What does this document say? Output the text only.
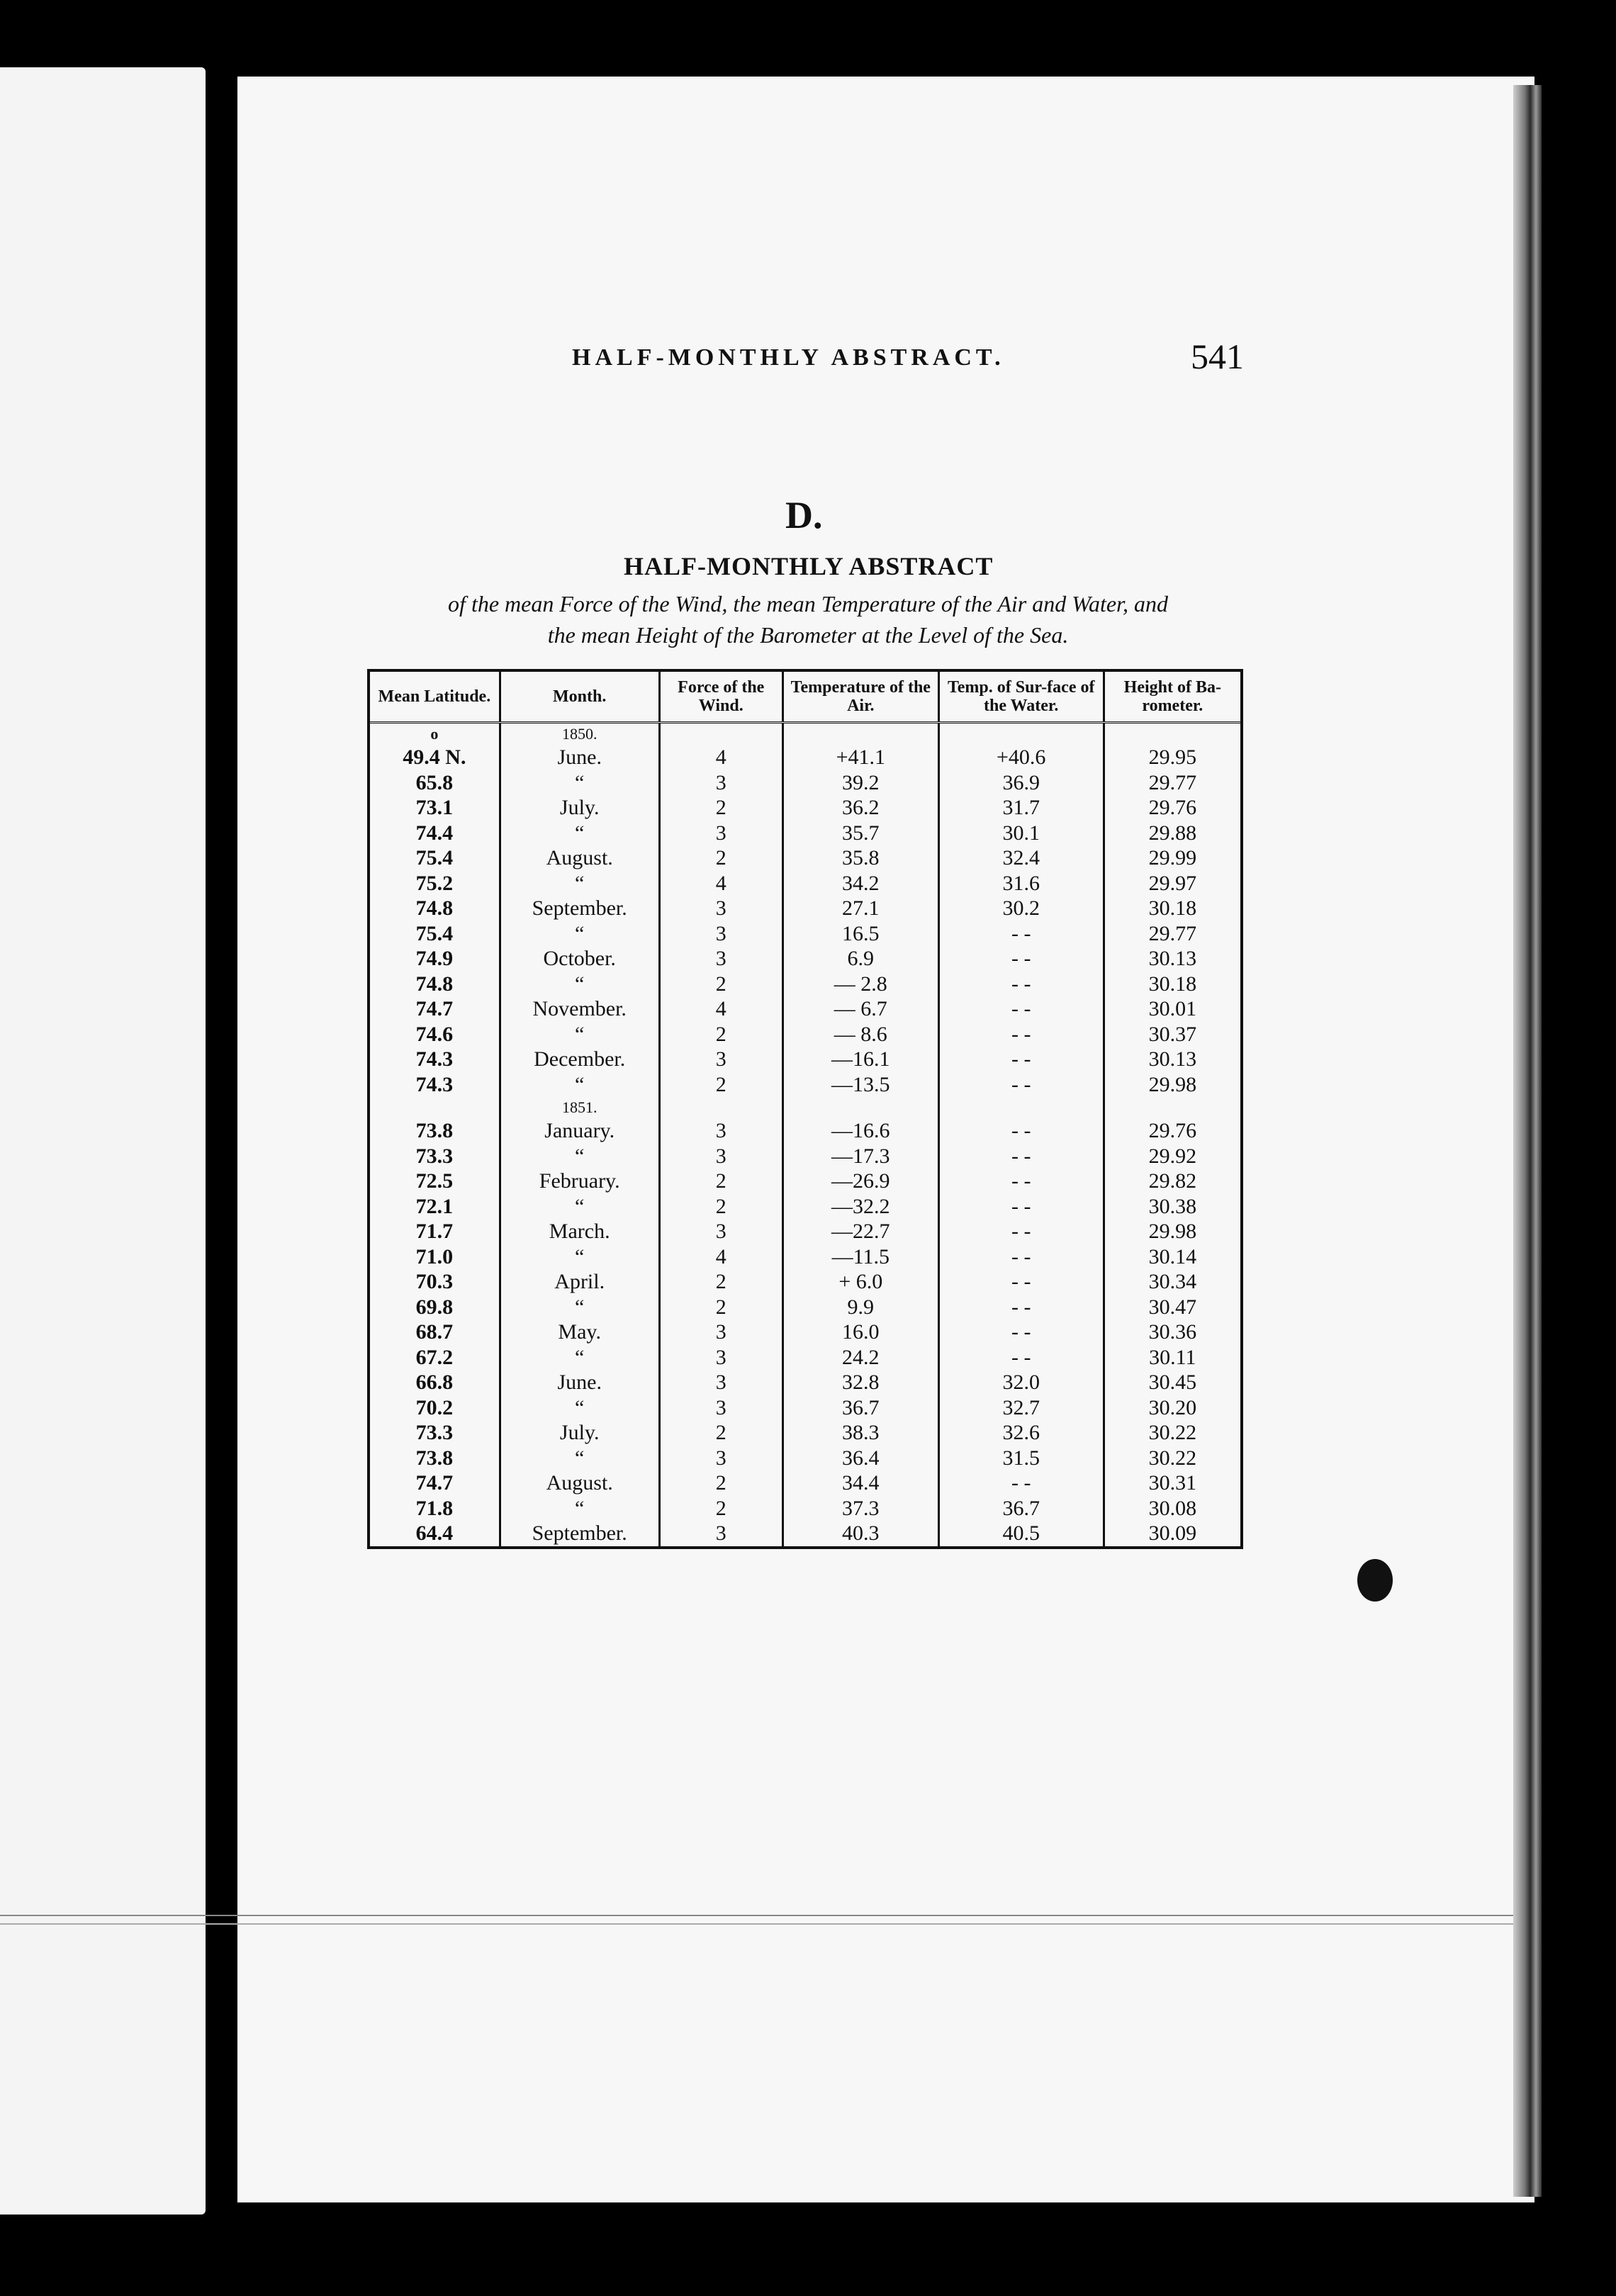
HALF-MONTHLY ABSTRACT.	541
D.
HALF-MONTHLY ABSTRACT
of the mean Force of the Wind, the mean Temperature of the Air and Water, and
the mean Height of the Barometer at the Level of the Sea.
Mean Latitude.	Month.	Force of the Wind.	Temperature of the Air.	Temp. of Sur-face of the Water.	Height of Ba-rometer.
o	1850.				
49.4 N.	June.	4	+41.1	+40.6	29.95
65.8	“	3	39.2	36.9	29.77
73.1	July.	2	36.2	31.7	29.76
74.4	“	3	35.7	30.1	29.88
75.4	August.	2	35.8	32.4	29.99
75.2	“	4	34.2	31.6	29.97
74.8	September.	3	27.1	30.2	30.18
75.4	“	3	16.5	- -	29.77
74.9	October.	3	6.9	- -	30.13
74.8	“	2	— 2.8	- -	30.18
74.7	November.	4	— 6.7	- -	30.01
74.6	“	2	— 8.6	- -	30.37
74.3	December.	3	—16.1	- -	30.13
74.3	“	2	—13.5	- -	29.98
	1851.				
73.8	January.	3	—16.6	- -	29.76
73.3	“	3	—17.3	- -	29.92
72.5	February.	2	—26.9	- -	29.82
72.1	“	2	—32.2	- -	30.38
71.7	March.	3	—22.7	- -	29.98
71.0	“	4	—11.5	- -	30.14
70.3	April.	2	+ 6.0	- -	30.34
69.8	“	2	9.9	- -	30.47
68.7	May.	3	16.0	- -	30.36
67.2	“	3	24.2	- -	30.11
66.8	June.	3	32.8	32.0	30.45
70.2	“	3	36.7	32.7	30.20
73.3	July.	2	38.3	32.6	30.22
73.8	“	3	36.4	31.5	30.22
74.7	August.	2	34.4	- -	30.31
71.8	“	2	37.3	36.7	30.08
64.4	September.	3	40.3	40.5	30.09
